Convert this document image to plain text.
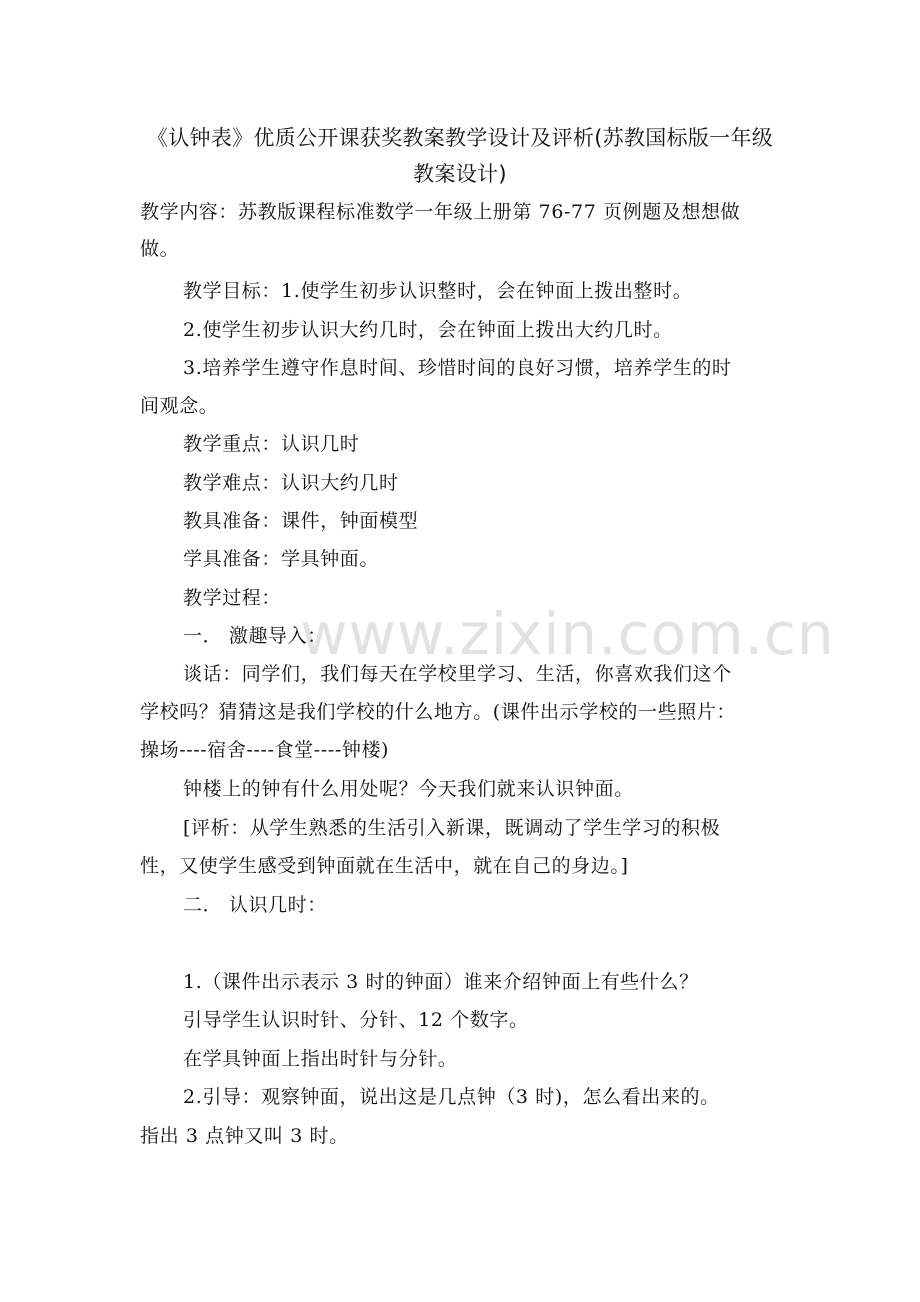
《认钟表》优质公开课获奖教案教学设计及评析(苏教国标版一年级
教案设计)
www.zixin.com.cn
教学内容：苏教版课程标准数学一年级上册第 76-77 页例题及想想做
做。
教学目标：1.使学生初步认识整时，会在钟面上拨出整时。
2.使学生初步认识大约几时，会在钟面上拨出大约几时。
3.培养学生遵守作息时间、珍惜时间的良好习惯，培养学生的时
间观念。
教学重点：认识几时
教学难点：认识大约几时
教具准备：课件，钟面模型
学具准备：学具钟面。
教学过程：
一． 激趣导入：
谈话：同学们，我们每天在学校里学习、生活，你喜欢我们这个
学校吗？猜猜这是我们学校的什么地方。(课件出示学校的一些照片：
操场----宿舍----食堂----钟楼)
钟楼上的钟有什么用处呢？今天我们就来认识钟面。
[评析：从学生熟悉的生活引入新课，既调动了学生学习的积极
性，又使学生感受到钟面就在生活中，就在自己的身边。]
二． 认识几时：
1.（课件出示表示 3 时的钟面）谁来介绍钟面上有些什么？
引导学生认识时针、分针、12 个数字。
在学具钟面上指出时针与分针。
2.引导：观察钟面，说出这是几点钟（3 时)，怎么看出来的。
指出 3 点钟又叫 3 时。
